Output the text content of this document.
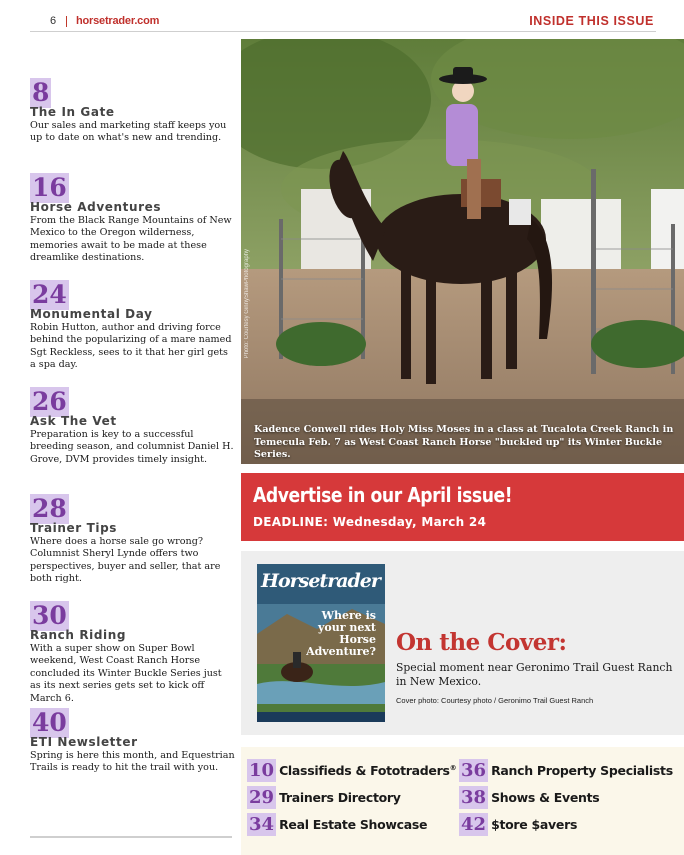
6 horsetrader.com	INSIDE THIS ISSUE
8
The In Gate
Our sales and marketing staff keeps you up to date on what's new and trending.
16
Horse Adventures
From the Black Range Mountains of New Mexico to the Oregon wilderness, memories await to be made at these dreamlike destinations.
24
Monumental Day
Robin Hutton, author and driving force behind the popularizing of a mare named Sgt Reckless, sees to it that her girl gets a spa day.
26
Ask The Vet
Preparation is key to a successful breeding season, and columnist Daniel H. Grove, DVM provides timely insight.
28
Trainer Tips
Where does a horse sale go wrong? Columnist Sheryl Lynde offers two perspectives, buyer and seller, that are both right.
30
Ranch Riding
With a super show on Super Bowl weekend, West Coast Ranch Horse concluded its Winter Buckle Series just as its next series gets set to kick off March 6.
40
ETI Newsletter
Spring is here this month, and Equestrian Trails is ready to hit the trail with you.
Photo: Courtesy GinnyShawPhotography
Kadence Conwell rides Holy Miss Moses in a class at Tucalota Creek Ranch in Temecula Feb. 7 as West Coast Ranch Horse "buckled up" its Winter Buckle Series.
Advertise in our April issue!
DEADLINE: Wednesday, March 24
Horsetrader
Where is your next Horse Adventure? On the Cover:
Special moment near Geronimo Trail Guest Ranch in New Mexico.
Cover photo: Courtesy photo / Geronimo Trail Guest Ranch
10 Classifieds & Fototraders®
29 Trainers Directory
34 Real Estate Showcase
36 Ranch Property Specialists
38 Shows & Events
42 $tore $avers
